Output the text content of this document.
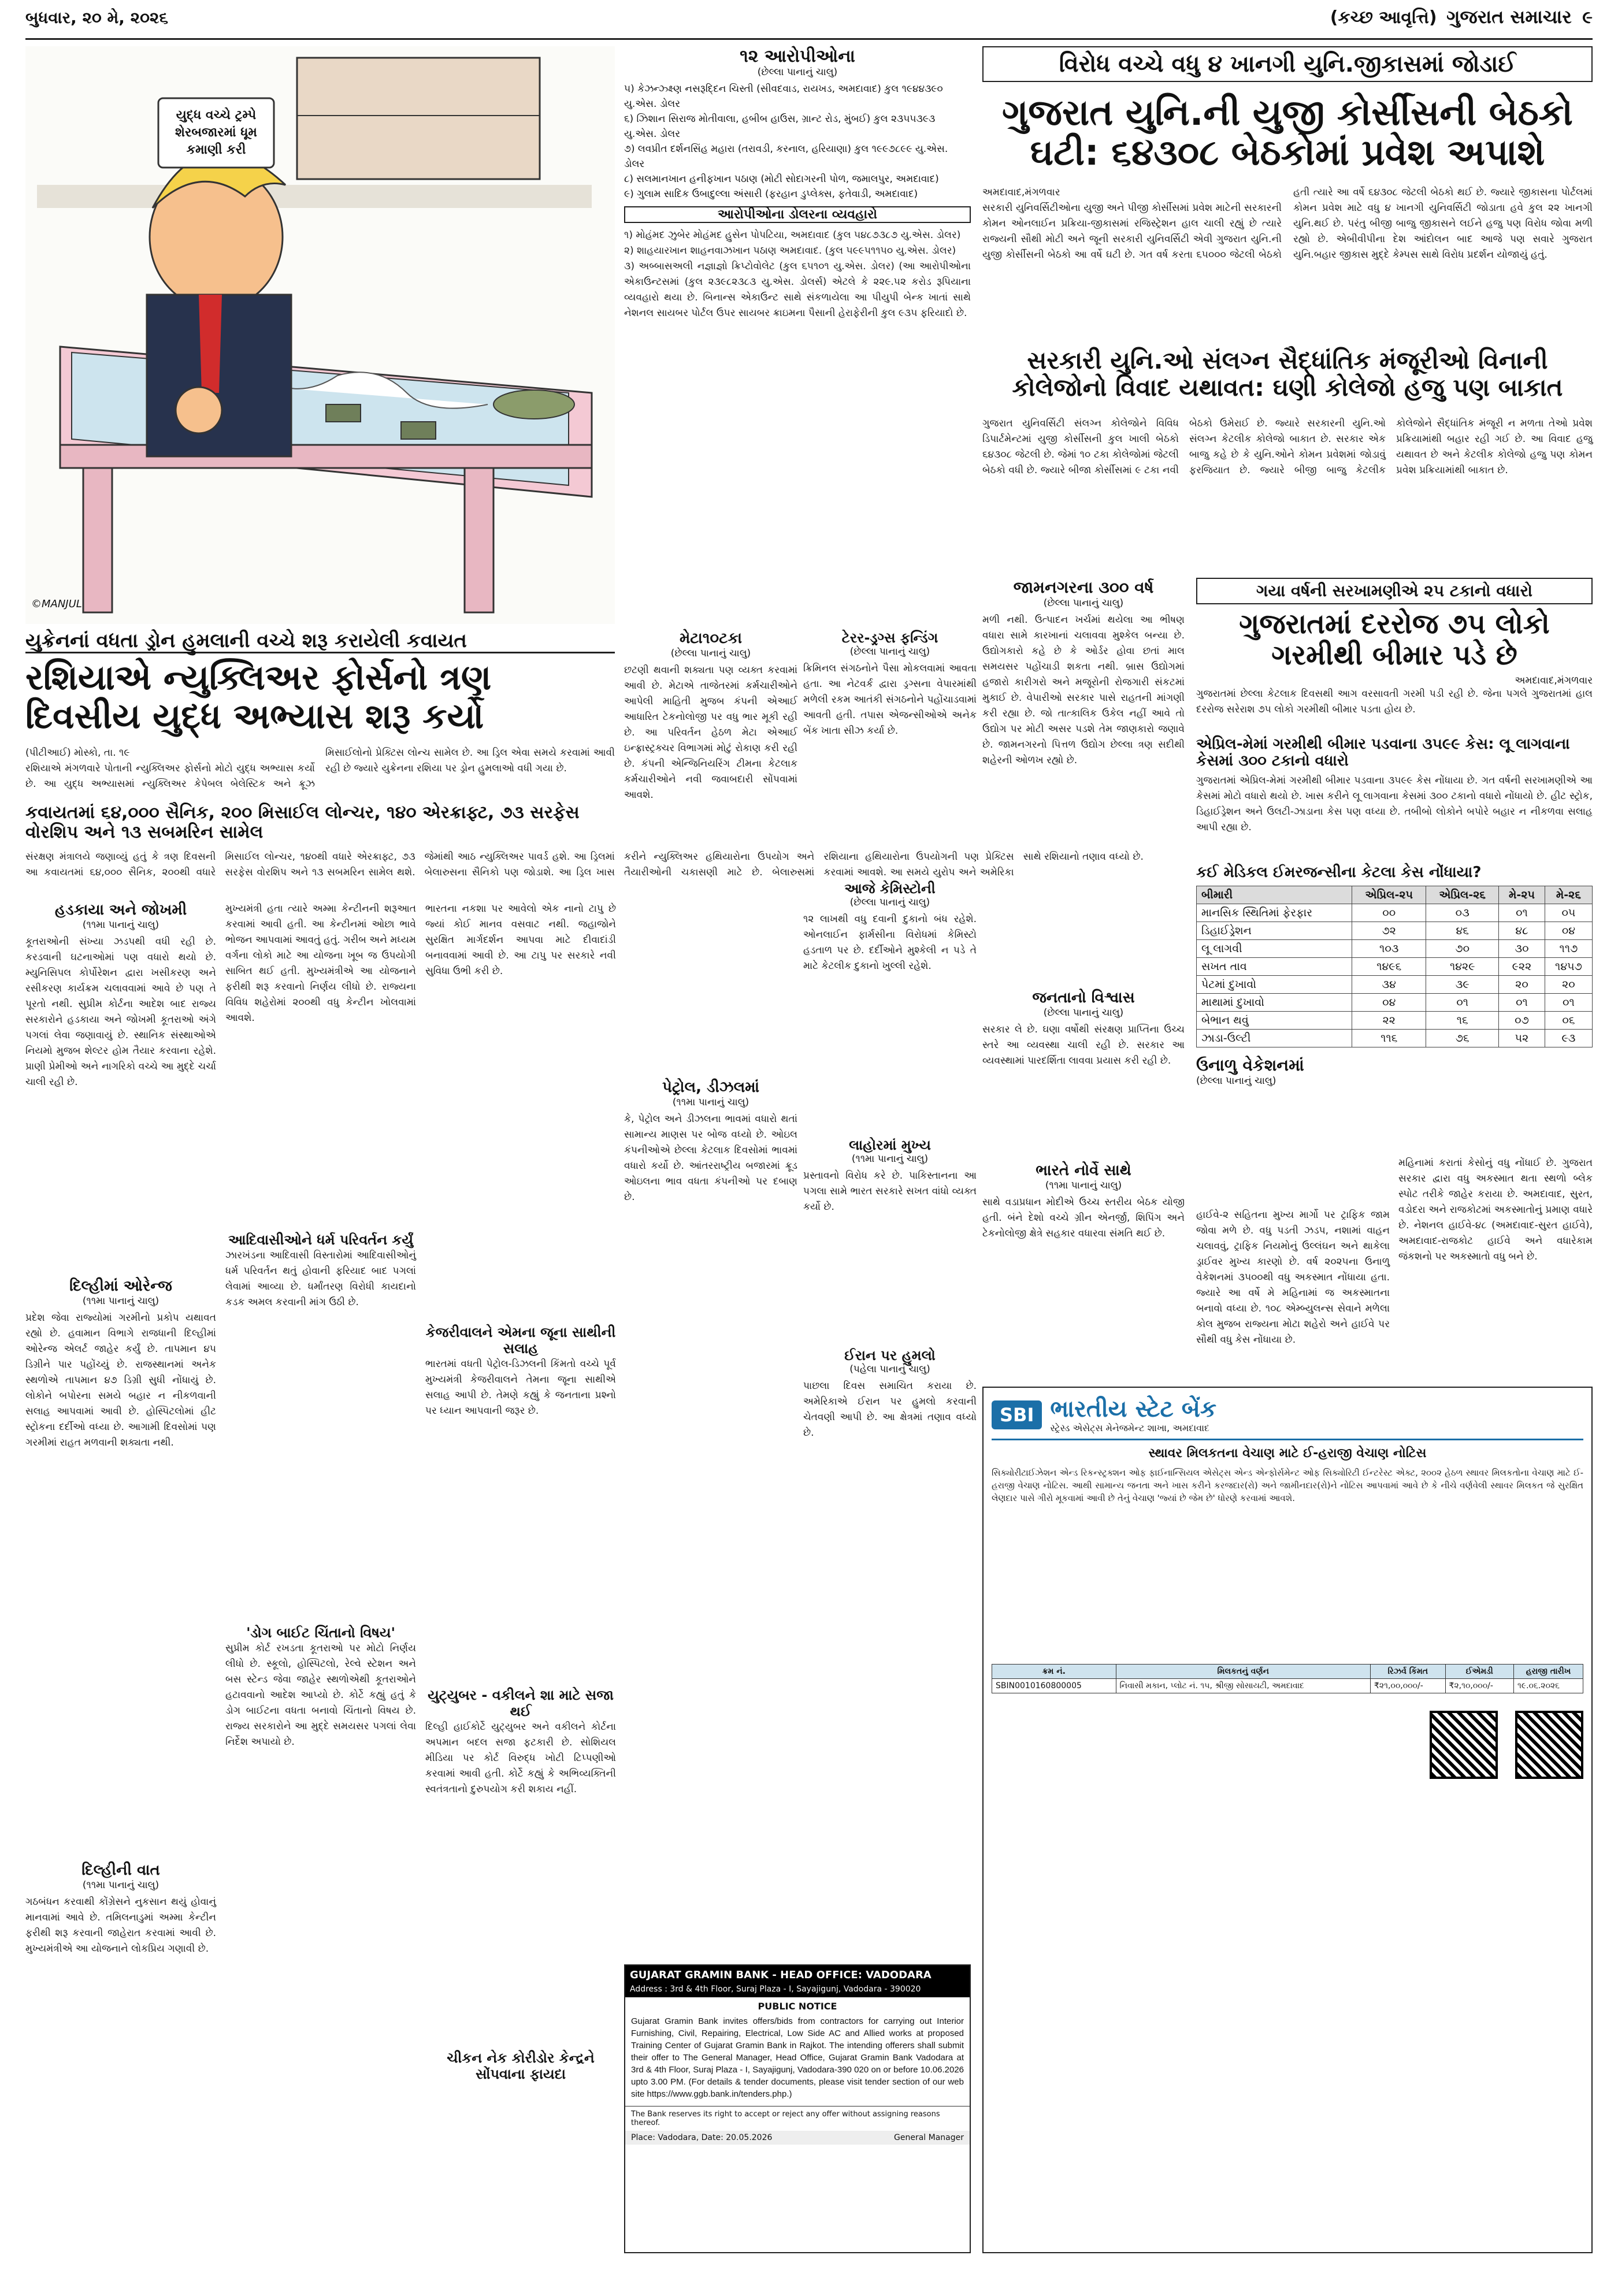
બુધવાર, ૨૦ મે, ૨૦૨૬	(કચ્છ આવૃત્તિ) ગુજરાત સમાચાર ૯
યુદ્ધ વચ્ચે ટ્રમ્પે શેરબજારમાં ધૂમ કમાણી કરી
©MANJUL
૧૨ આરોપીઓના
(છેલ્લા પાનાનું ચાલુ)
૫) કેઝન્ઝ્ક્ષ્ણ નસરૂદ્દિન ચિસ્તી (સીવદવાડ, રાયખડ, અમદાવાદ) કુલ ૧૯૪૪૩૯૦ યુ.એસ. ડોલર
૬) ઝિશાન સિરાજ મોતીવાલા, હબીબ હાઉસ, ગ્રાન્ટ રોડ, મુંબઈ) કુલ ૨૩૫૫૩૯૩ યુ.એસ. ડોલર
૭) લવપ્રીત દર્શનસિંહ મહારા (તરાવડી, કરનાલ, હરિયાણા) કુલ ૧૯૯૭૮૯૯ યુ.એસ. ડોલર
૮) સલમાનખાન હનીફખાન પઠાણ (મોટી સોદાગરની પોળ, જમાલપુર, અમદાવાદ)
૯) ગુલામ સાદિક ઉબાદુલ્લા અંસારી (ફરહાન ડુપ્લેક્સ, ફતેવાડી, અમદાવાદ)
આરોપીઓના ડોલરના વ્યવહારો
૧) મોહંમદ ઝુબેર મોહંમદ હુસેન પોપટિયા, અમદાવાદ (કુલ ૫૪૮૭૩૮૭ યુ.એસ. ડોલર)
૨) શાહયારખાન શાહનવાઝખાન પઠાણ અમદાવાદ. (કુલ ૫૯૯૫૧૧૫૦ યુ.એસ. ડોલર)
૩) અબ્બાસઅલી નજ્ઞાજ્ઞો ક્રિપ્ટોવોલેટ (કુલ ૬૫૧૦૧ યુ.એસ. ડોલર) (આ આરોપીઓના એકાઉન્ટસમાં (કુલ ૨૩૯૮૨૩૮૩ યુ.એસ. ડોલર્સ) એટલે કે ૨૨૯.૫૨ કરોડ રૂપિયાના વ્યવહારો થયા છે. બિનાન્સ એકાઉન્ટ સાથે સંકળાયેલા આ પીયુપી બેન્ક ખાતાં સાથે નેશનલ સાયબર પોર્ટલ ઉપર સાયબર ક્રાઇમના પૈસાની હેરાફેરીની કુલ ૯૩૫ ફરિયાદો છે.
વિરોધ વચ્ચે વધુ ૪ ખાનગી યુનિ.જીકાસમાં જોડાઈ
ગુજરાત યુનિ.ની યુજી કોર્સીસની બેઠકો ઘટી: ૬૪૩૦૮ બેઠકોમાં પ્રવેશ અપાશે
અમદાવાદ,મંગળવાર
સરકારી યુનિવર્સિટીઓના યુજી અને પીજી કોર્સીસમાં પ્રવેશ માટેની સરકારની કોમન ઓનલાઈન પ્રક્રિયા-જીકાસમાં રજિસ્ટ્રેશન હાલ ચાલી રહ્યું છે ત્યારે રાજ્યની સૌથી મોટી અને જૂની સરકારી યુનિવર્સિટી એવી ગુજરાત યુનિ.ની યુજી કોર્સીસની બેઠકો આ વર્ષે ઘટી છે. ગત વર્ષ કરતા ૬૫૦૦૦ જેટલી બેઠકો હતી ત્યારે આ વર્ષે ૬૪૩૦૮ જેટલી બેઠકો થઈ છે. જ્યારે જીકાસના પોર્ટલમાં કોમન પ્રવેશ માટે વધુ ૪ ખાનગી યુનિવર્સિટી જોડાતા હવે કુલ ૨૨ ખાનગી યુનિ.થઈ છે. પરંતુ બીજી બાજુ જીકાસને લઈને હજુ પણ વિરોધ જોવા મળી રહ્યો છે. એબીવીપીના દેશ આંદોલન બાદ આજે પણ સવારે ગુજરાત યુનિ.બહાર જીકાસ મુદ્દે કેમ્પસ સાથે વિરોધ પ્રદર્શન યોજાયું હતું.
સરકારી યુનિ.ઓ સંલગ્ન સૈદ્ધાંતિક મંજૂરીઓ વિનાની કોલેજોનો વિવાદ યથાવત: ઘણી કોલેજો હજુ પણ બાકાત
ગુજરાત યુનિવર્સિટી સંલગ્ન કોલેજોને વિવિધ ડિપાર્ટમેન્ટમાં યુજી કોર્સીસની કુલ ખાલી બેઠકો ૬૪૩૦૮ જેટલી છે. જેમાં ૧૦ ટકા કોલેજોમાં જેટલી બેઠકો વધી છે. જ્યારે બીજા કોર્સીસમાં ૯ ટકા નવી બેઠકો ઉમેરાઈ છે. જ્યારે સરકારની યુનિ.ઓ સંલગ્ન કેટલીક કોલેજો બાકાત છે. સરકાર એક બાજુ કહે છે કે યુનિ.ઓને કોમન પ્રવેશમાં જોડાવું ફરજિયાત છે. જ્યારે બીજી બાજુ કેટલીક કોલેજોને સૈદ્ધાંતિક મંજૂરી ન મળતા તેઓ પ્રવેશ પ્રક્રિયામાંથી બહાર રહી ગઈ છે. આ વિવાદ હજુ યથાવત છે અને કેટલીક કોલેજો હજુ પણ કોમન પ્રવેશ પ્રક્રિયામાંથી બાકાત છે.
યુક્રેનનાં વધતા ડ્રોન હુમલાની વચ્ચે શરૂ કરાયેલી કવાયત
રશિયાએ ન્યુક્લિઅર ફોર્સનો ત્રણ દિવસીય યુદ્ધ અભ્યાસ શરૂ કર્યો
(પીટીઆઈ) મોસ્કો, તા. ૧૯
રશિયાએ મંગળવારે પોતાની ન્યુક્લિઅર ફોર્સનો મોટો યુદ્ધ અભ્યાસ કર્યો છે. આ યુદ્ધ અભ્યાસમાં ન્યુક્લિઅર કેપેબલ બેલેસ્ટિક અને ક્રૂઝ મિસાઈલોનો પ્રેક્ટિસ લોન્ચ સામેલ છે. આ ડ્રિલ એવા સમયે કરવામાં આવી રહી છે જ્યારે યુક્રેનના રશિયા પર ડ્રોન હુમલાઓ વધી ગયા છે.
કવાયતમાં ૬૪,૦૦૦ સૈનિક, ૨૦૦ મિસાઈલ લોન્ચર, ૧૪૦ એરક્રાફ્ટ, ૭૩ સરફેસ વોરશિપ અને ૧૩ સબમરિન સામેલ
સંરક્ષણ મંત્રાલયે જણાવ્યું હતું કે ત્રણ દિવસની આ કવાયતમાં ૬૪,૦૦૦ સૈનિક, ૨૦૦થી વધારે મિસાઈલ લોન્ચર, ૧૪૦થી વધારે એરક્રાફ્ટ, ૭૩ સરફેસ વોરશિપ અને ૧૩ સબમરિન સામેલ થશે. જેમાંથી આઠ ન્યુક્લિઅર પાવર્ડ હશે. આ ડ્રિલમાં બેલારુસના સૈનિકો પણ જોડાશે. આ ડ્રિલ ખાસ કરીને ન્યુક્લિઅર હથિયારોના ઉપયોગ અને તૈયારીઓની ચકાસણી માટે છે. બેલારુસમાં રશિયાના હથિયારોના ઉપયોગની પણ પ્રેક્ટિસ કરવામાં આવશે. આ સમયે યુરોપ અને અમેરિકા સાથે રશિયાનો તણાવ વધ્યો છે.
મેટા૧૦ટકા
(છેલ્લા પાનાનું ચાલુ)
છટણી થવાની શક્યતા પણ વ્યક્ત કરવામાં આવી છે. મેટાએ તાજેતરમાં કર્મચારીઓને આપેલી માહિતી મુજબ કંપની એઆઈ આધારિત ટેકનોલોજી પર વધુ ભાર મૂકી રહી છે. આ પરિવર્તન હેઠળ મેટા એઆઈ ઇન્ફ્રાસ્ટ્રક્ચર વિભાગમાં મોટું રોકાણ કરી રહી છે. કંપની એન્જિનિયરિંગ ટીમના કેટલાક કર્મચારીઓને નવી જવાબદારી સોંપવામાં આવશે.
પેટ્રોલ, ડીઝલમાં
(૧૧મા પાનાનું ચાલુ)
કે, પેટ્રોલ અને ડીઝલના ભાવમાં વધારો થતાં સામાન્ય માણસ પર બોજ વધ્યો છે. ઓઇલ કંપનીઓએ છેલ્લા કેટલાક દિવસોમાં ભાવમાં વધારો કર્યો છે. આંતરરાષ્ટ્રીય બજારમાં ક્રૂડ ઓઇલના ભાવ વધતા કંપનીઓ પર દબાણ છે.
ટેરર-ડ્રગ્સ ફન્ડિંગ
(છેલ્લા પાનાનું ચાલુ)
ક્રિમિનલ સંગઠનોને પૈસા મોકલવામાં આવતા હતા. આ નેટવર્ક દ્વારા ડ્રગ્સના વેપારમાંથી મળેલી રકમ આતંકી સંગઠનોને પહોંચાડવામાં આવતી હતી. તપાસ એજન્સીઓએ અનેક બેંક ખાતા સીઝ કર્યા છે.
આજે કેમિસ્ટોની
(છેલ્લા પાનાનું ચાલુ)
૧૨ લાખથી વધુ દવાની દુકાનો બંધ રહેશે. ઓનલાઈન ફાર્મસીના વિરોધમાં કેમિસ્ટો હડતાળ પર છે. દર્દીઓને મુશ્કેલી ન પડે તે માટે કેટલીક દુકાનો ખુલ્લી રહેશે.
લાહોરમાં મુખ્ય
(૧૧મા પાનાનું ચાલુ)
પ્રસ્તાવનો વિરોધ કરે છે. પાકિસ્તાનના આ પગલા સામે ભારત સરકારે સખત વાંધો વ્યક્ત કર્યો છે.
ઈરાન પર હુમલો
(પહેલા પાનાનું ચાલુ)
પાછલા દિવસ સમાચિત કરાયા છે. અમેરિકાએ ઈરાન પર હુમલો કરવાની ચેતવણી આપી છે. આ ક્ષેત્રમાં તણાવ વધ્યો છે.
જામનગરના ૩૦૦ વર્ષ
(છેલ્લા પાનાનું ચાલુ)
મળી નથી. ઉત્પાદન ખર્ચમાં થયેલા આ ભીષણ વધારા સામે કારખાનાં ચલાવવા મુશ્કેલ બન્યા છે. ઉદ્યોગકારો કહે છે કે ઓર્ડર હોવા છતાં માલ સમયસર પહોંચાડી શકતા નથી. બ્રાસ ઉદ્યોગમાં હજારો કારીગરો અને મજૂરોની રોજગારી સંકટમાં મુકાઈ છે. વેપારીઓ સરકાર પાસે રાહતની માંગણી કરી રહ્યા છે. જો તાત્કાલિક ઉકેલ નહીં આવે તો ઉદ્યોગ પર મોટી અસર પડશે તેમ જાણકારો જણાવે છે. જામનગરનો પિત્તળ ઉદ્યોગ છેલ્લા ત્રણ સદીથી શહેરની ઓળખ રહ્યો છે.
જનતાનો વિશ્વાસ
(છેલ્લા પાનાનું ચાલુ)
સરકાર લે છે. ઘણા વર્ષોથી સંરક્ષણ પ્રાપ્તિના ઉચ્ચ સ્તરે આ વ્યવસ્થા ચાલી રહી છે. સરકાર આ વ્યવસ્થામાં પારદર્શિતા લાવવા પ્રયાસ કરી રહી છે.
ભારતે નોર્વે સાથે
(૧૧મા પાનાનું ચાલુ)
સાથે વડાપ્રધાન મોદીએ ઉચ્ચ સ્તરીય બેઠક યોજી હતી. બંને દેશો વચ્ચે ગ્રીન એનર્જી, શિપિંગ અને ટેકનોલોજી ક્ષેત્રે સહકાર વધારવા સંમતિ થઈ છે.
ગયા વર્ષની સરખામણીએ ૨૫ ટકાનો વધારો
ગુજરાતમાં દરરોજ ૭૫ લોકો ગરમીથી બીમાર પડે છે
અમદાવાદ,મંગળવાર
ગુજરાતમાં છેલ્લા કેટલાક દિવસથી આગ વરસાવતી ગરમી પડી રહી છે. જેના પગલે ગુજરાતમાં હાલ દરરોજ સરેરાશ ૭૫ લોકો ગરમીથી બીમાર પડતા હોય છે.
એપ્રિલ-મેમાં ગરમીથી બીમાર પડવાના ૩૫૯૯ કેસ: લૂ લાગવાના કેસમાં ૩૦૦ ટકાનો વધારો
ગુજરાતમાં એપ્રિલ-મેમાં ગરમીથી બીમાર પડવાના ૩૫૯૯ કેસ નોંધાયા છે. ગત વર્ષની સરખામણીએ આ કેસમાં મોટો વધારો થયો છે. ખાસ કરીને લૂ લાગવાના કેસમાં ૩૦૦ ટકાનો વધારો નોંધાયો છે. હીટ સ્ટ્રોક, ડિહાઈડ્રેશન અને ઉલટી-ઝાડાના કેસ પણ વધ્યા છે. તબીબો લોકોને બપોરે બહાર ન નીકળવા સલાહ આપી રહ્યા છે.
કઈ મેડિકલ ઈમરજન્સીના કેટલા કેસ નોંધાયા?
બીમારી	એપ્રિલ-૨૫	એપ્રિલ-૨૬	મે-૨૫	મે-૨૬
માનસિક સ્થિતિમાં ફેરફાર	૦૦	૦૩	૦૧	૦૫
ડિહાઈડ્રેશન	૭૨	૪૬	૪૮	૦૪
લૂ લાગવી	૧૦૩	૭૦	૩૦	૧૧૭
સખત તાવ	૧૪૯૬	૧૪૨૯	૯૨૨	૧૪૫૭
પેટમાં દુખાવો	૩૪	૩૯	૨૦	૨૦
માથામાં દુખાવો	૦૪	૦૧	૦૧	૦૧
બેભાન થવું	૨૨	૧૬	૦૭	૦૬
ઝાડા-ઉલ્ટી	૧૧૬	૭૬	૫૨	૯૩
ઉનાળુ વેકેશનમાં
(છેલ્લા પાનાનું ચાલુ)
હાઈવે-૨ સહિતના મુખ્ય માર્ગો પર ટ્રાફિક જામ જોવા મળે છે. વધુ પડતી ઝડપ, નશામાં વાહન ચલાવવું, ટ્રાફિક નિયમોનું ઉલ્લંઘન અને થાકેલા ડ્રાઈવર મુખ્ય કારણો છે. વર્ષ ૨૦૨૫ના ઉનાળુ વેકેશનમાં ૩૫૦૦થી વધુ અકસ્માત નોંધાયા હતા. જ્યારે આ વર્ષે મે મહિનામાં જ અકસ્માતના બનાવો વધ્યા છે. ૧૦૮ એમ્બ્યુલન્સ સેવાને મળેલા કોલ મુજબ રાજ્યના મોટા શહેરો અને હાઈવે પર સૌથી વધુ કેસ નોંધાયા છે.
મહિનામાં કરાતાં કેસોનું વધુ નોંધાઈ છે. ગુજરાત સરકાર દ્વારા વધુ અકસ્માત થતા સ્થળો બ્લેક સ્પોટ તરીકે જાહેર કરાયા છે. અમદાવાદ, સુરત, વડોદરા અને રાજકોટમાં અકસ્માતોનું પ્રમાણ વધારે છે. નેશનલ હાઈવે-૪૮ (અમદાવાદ-સુરત હાઈવે), અમદાવાદ-રાજકોટ હાઈવે અને વધારેકામ જંકશનો પર અકસ્માતો વધુ બને છે.
હડકાયા અને જોખમી
(૧૧મા પાનાનું ચાલુ)
કૂતરાઓની સંખ્યા ઝડપથી વધી રહી છે. કરડવાની ઘટનાઓમાં પણ વધારો થયો છે. મ્યુનિસિપલ કોર્પોરેશન દ્વારા ખસીકરણ અને રસીકરણ કાર્યક્રમ ચલાવવામાં આવે છે પણ તે પૂરતો નથી. સુપ્રીમ કોર્ટના આદેશ બાદ રાજ્ય સરકારોને હડકાયા અને જોખમી કૂતરાઓ અંગે પગલાં લેવા જણાવાયું છે. સ્થાનિક સંસ્થાઓએ નિયમો મુજબ શેલ્ટર હોમ તૈયાર કરવાના રહેશે. પ્રાણી પ્રેમીઓ અને નાગરિકો વચ્ચે આ મુદ્દે ચર્ચા ચાલી રહી છે.
દિલ્હીમાં ઓરેન્જ
(૧૧મા પાનાનું ચાલુ)
પ્રદેશ જેવા રાજ્યોમાં ગરમીનો પ્રકોપ યથાવત રહ્યો છે. હવામાન વિભાગે રાજધાની દિલ્હીમાં ઓરેન્જ એલર્ટ જાહેર કર્યું છે. તાપમાન ૪૫ ડિગ્રીને પાર પહોંચ્યું છે. રાજસ્થાનમાં અનેક સ્થળોએ તાપમાન ૪૭ ડિગ્રી સુધી નોંધાયું છે. લોકોને બપોરના સમયે બહાર ન નીકળવાની સલાહ આપવામાં આવી છે. હોસ્પિટલોમાં હીટ સ્ટ્રોકના દર્દીઓ વધ્યા છે. આગામી દિવસોમાં પણ ગરમીમાં રાહત મળવાની શક્યતા નથી.
દિલ્હીની વાત
(૧૧મા પાનાનું ચાલુ)
ગઠબંધન કરવાથી કોંગ્રેસને નુકસાન થયું હોવાનું માનવામાં આવે છે. તમિલનાડુમાં અમ્મા કેન્ટીન ફરીથી શરૂ કરવાની જાહેરાત કરવામાં આવી છે. મુખ્યમંત્રીએ આ યોજનાને લોકપ્રિય ગણાવી છે.
મુખ્યમંત્રી હતા ત્યારે અમ્મા કેન્ટીનની શરૂઆત કરવામાં આવી હતી. આ કેન્ટીનમાં ઓછા ભાવે ભોજન આપવામાં આવતું હતું. ગરીબ અને મધ્યમ વર્ગના લોકો માટે આ યોજના ખૂબ જ ઉપયોગી સાબિત થઈ હતી. મુખ્યમંત્રીએ આ યોજનાને ફરીથી શરૂ કરવાનો નિર્ણય લીધો છે. રાજ્યના વિવિધ શહેરોમાં ૨૦૦થી વધુ કેન્ટીન ખોલવામાં આવશે.
આદિવાસીઓને ધર્મ પરિવર્તન કર્યું
ઝારખંડના આદિવાસી વિસ્તારોમાં આદિવાસીઓનું ધર્મ પરિવર્તન થતું હોવાની ફરિયાદ બાદ પગલાં લેવામાં આવ્યા છે. ધર્માંતરણ વિરોધી કાયદાનો કડક અમલ કરવાની માંગ ઉઠી છે.
'ડોગ બાઈટ ચિંતાનો વિષય'
સુપ્રીમ કોર્ટ રખડતા કૂતરાઓ પર મોટો નિર્ણય લીધો છે. સ્કૂલો, હોસ્પિટલો, રેલ્વે સ્ટેશન અને બસ સ્ટેન્ડ જેવા જાહેર સ્થળોએથી કૂતરાઓને હટાવવાનો આદેશ આપ્યો છે. કોર્ટે કહ્યું હતું કે ડોગ બાઈટના વધતા બનાવો ચિંતાનો વિષય છે. રાજ્ય સરકારોને આ મુદ્દે સમયસર પગલાં લેવા નિર્દેશ અપાયો છે.
ભારતના નકશા પર આવેલો એક નાનો ટાપુ છે જ્યાં કોઈ માનવ વસવાટ નથી. જહાજોને સુરક્ષિત માર્ગદર્શન આપવા માટે દીવાદાંડી બનાવવામાં આવી છે. આ ટાપુ પર સરકારે નવી સુવિધા ઉભી કરી છે.
કેજરીવાલને એમના જૂના સાથીની સલાહ
ભારતમાં વધતી પેટ્રોલ-ડિઝલની કિંમતો વચ્ચે પૂર્વ મુખ્યમંત્રી કેજરીવાલને તેમના જૂના સાથીએ સલાહ આપી છે. તેમણે કહ્યું કે જનતાના પ્રશ્નો પર ધ્યાન આપવાની જરૂર છે.
યુટ્યુબર - વકીલને શા માટે સજા થઈ
દિલ્હી હાઈકોર્ટે યુટ્યુબર અને વકીલને કોર્ટના અપમાન બદલ સજા ફટકારી છે. સોશિયલ મીડિયા પર કોર્ટ વિરુદ્ધ ખોટી ટિપ્પણીઓ કરવામાં આવી હતી. કોર્ટે કહ્યું કે અભિવ્યક્તિની સ્વતંત્રતાનો દુરુપયોગ કરી શકાય નહીં.
ચીકન નેક કોરીડોર કેન્દ્રને સોંપવાના ફાયદા
SBI ભારતીય સ્ટેટ બેંક
સ્ટ્રેસ્ડ એસેટ્સ મેનેજમેન્ટ શાખા, અમદાવાદ
સ્થાવર મિલકતના વેચાણ માટે ઈ-હરાજી વેચાણ નોટિસ
સિક્યોરીટાઈઝેશન એન્ડ રિકન્સ્ટ્રક્શન ઓફ ફાઈનાન્સિયલ એસેટ્સ એન્ડ એન્ફોર્સમેન્ટ ઓફ સિક્યોરિટી ઈન્ટરેસ્ટ એક્ટ, ૨૦૦૨ હેઠળ સ્થાવર મિલકતોના વેચાણ માટે ઈ-હરાજી વેચાણ નોટિસ. આથી સામાન્ય જનતા અને ખાસ કરીને કરજદાર(રો) અને જામીનદાર(રો)ને નોટિસ આપવામાં આવે છે કે નીચે વર્ણવેલી સ્થાવર મિલકત જે સુરક્ષિત લેણદાર પાસે ગીરો મૂકવામાં આવી છે તેનું વેચાણ 'જ્યાં છે જેમ છે' ધોરણે કરવામાં આવશે.
ક્રમ નં.	મિલકતનું વર્ણન	રિઝર્વ કિંમત	ઈએમડી	હરાજી તારીખ
SBIN0010160800005	નિવાસી મકાન, પ્લોટ નં. ૧૫, શ્રીજી સોસાયટી, અમદાવાદ	₹૨૧,૦૦,૦૦૦/-	₹૨,૧૦,૦૦૦/-	૧૯.૦૬.૨૦૨૬
GUJARAT GRAMIN BANK - HEAD OFFICE: VADODARA
Address : 3rd & 4th Floor, Suraj Plaza - I, Sayajigunj, Vadodara - 390020
PUBLIC NOTICE
Gujarat Gramin Bank invites offers/bids from contractors for carrying out Interior Furnishing, Civil, Repairing, Electrical, Low Side AC and Allied works at proposed Training Center of Gujarat Gramin Bank in Rajkot. The intending offerers shall submit their offer to The General Manager, Head Office, Gujarat Gramin Bank Vadodara at 3rd & 4th Floor, Suraj Plaza - I, Sayajigunj, Vadodara-390 020 on or before 10.06.2026 upto 3.00 PM. (For details & tender documents, please visit tender section of our web site https://www.ggb.bank.in/tenders.php.)
The Bank reserves its right to accept or reject any offer without assigning reasons thereof.
Place: Vadodara, Date: 20.05.2026	General Manager
